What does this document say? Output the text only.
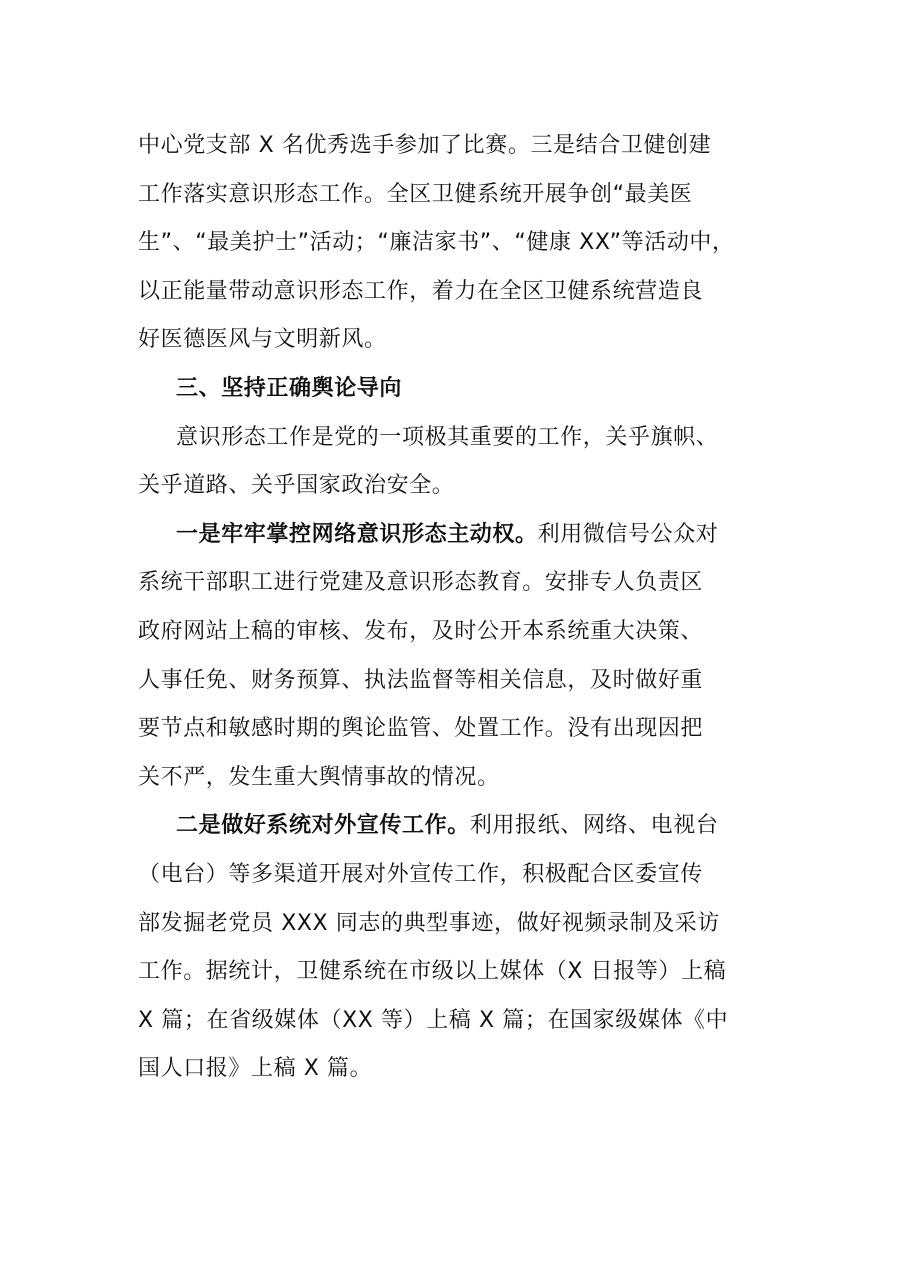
中心党支部 X 名优秀选手参加了比赛。三是结合卫健创建
工作落实意识形态工作。全区卫健系统开展争创“最美医
生”、“最美护士”活动；“廉洁家书”、“健康 XX”等活动中，
以正能量带动意识形态工作，着力在全区卫健系统营造良
好医德医风与文明新风。
三、坚持正确舆论导向
意识形态工作是党的一项极其重要的工作，关乎旗帜、
关乎道路、关乎国家政治安全。
一是牢牢掌控网络意识形态主动权。利用微信号公众对
系统干部职工进行党建及意识形态教育。安排专人负责区
政府网站上稿的审核、发布，及时公开本系统重大决策、
人事任免、财务预算、执法监督等相关信息，及时做好重
要节点和敏感时期的舆论监管、处置工作。没有出现因把
关不严，发生重大舆情事故的情况。
二是做好系统对外宣传工作。利用报纸、网络、电视台
（电台）等多渠道开展对外宣传工作，积极配合区委宣传
部发掘老党员 XXX 同志的典型事迹，做好视频录制及采访
工作。据统计，卫健系统在市级以上媒体（X 日报等）上稿
X 篇；在省级媒体（XX 等）上稿 X 篇；在国家级媒体《中
国人口报》上稿 X 篇。
